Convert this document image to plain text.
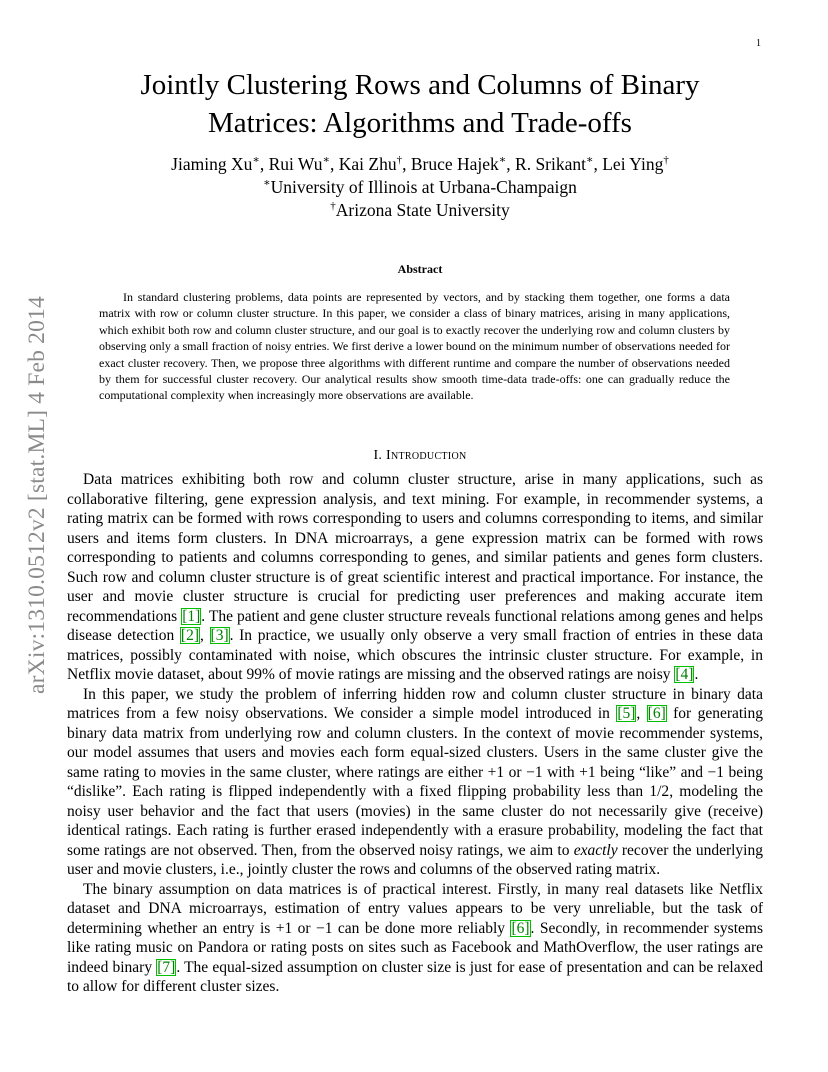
1
arXiv:1310.0512v2 [stat.ML] 4 Feb 2014
Jointly Clustering Rows and Columns of Binary
Matrices: Algorithms and Trade-offs
Jiaming Xu∗, Rui Wu∗, Kai Zhu†, Bruce Hajek∗, R. Srikant∗, Lei Ying†
∗University of Illinois at Urbana-Champaign
†Arizona State University
Abstract

In standard clustering problems, data points are represented by vectors, and by stacking them together, one forms a data matrix with row or column cluster structure. In this paper, we consider a class of binary matrices, arising in many applications, which exhibit both row and column cluster structure, and our goal is to exactly recover the underlying row and column clusters by observing only a small fraction of noisy entries. We first derive a lower bound on the minimum number of observations needed for exact cluster recovery. Then, we propose three algorithms with different runtime and compare the number of observations needed by them for successful cluster recovery. Our analytical results show smooth time-data trade-offs: one can gradually reduce the computational complexity when increasingly more observations are available.

I. Introduction

Data matrices exhibiting both row and column cluster structure, arise in many applications, such as collaborative filtering, gene expression analysis, and text mining. For example, in recommender systems, a rating matrix can be formed with rows corresponding to users and columns corresponding to items, and similar users and items form clusters. In DNA microarrays, a gene expression matrix can be formed with rows corresponding to patients and columns corresponding to genes, and similar patients and genes form clusters. Such row and column cluster structure is of great scientific interest and practical importance. For instance, the user and movie cluster structure is crucial for predicting user preferences and making accurate item recommendations [1]. The patient and gene cluster structure reveals functional relations among genes and helps disease detection [2], [3]. In practice, we usually only observe a very small fraction of entries in these data matrices, possibly contaminated with noise, which obscures the intrinsic cluster structure. For example, in Netflix movie dataset, about 99% of movie ratings are missing and the observed ratings are noisy [4].

In this paper, we study the problem of inferring hidden row and column cluster structure in binary data matrices from a few noisy observations. We consider a simple model introduced in [5], [6] for generating binary data matrix from underlying row and column clusters. In the context of movie recommender systems, our model assumes that users and movies each form equal-sized clusters. Users in the same cluster give the same rating to movies in the same cluster, where ratings are either +1 or −1 with +1 being “like” and −1 being “dislike”. Each rating is flipped independently with a fixed flipping probability less than 1/2, modeling the noisy user behavior and the fact that users (movies) in the same cluster do not necessarily give (receive) identical ratings. Each rating is further erased independently with a erasure probability, modeling the fact that some ratings are not observed. Then, from the observed noisy ratings, we aim to exactly recover the underlying user and movie clusters, i.e., jointly cluster the rows and columns of the observed rating matrix.

The binary assumption on data matrices is of practical interest. Firstly, in many real datasets like Netflix dataset and DNA microarrays, estimation of entry values appears to be very unreliable, but the task of determining whether an entry is +1 or −1 can be done more reliably [6]. Secondly, in recommender systems like rating music on Pandora or rating posts on sites such as Facebook and MathOverflow, the user ratings are indeed binary [7]. The equal-sized assumption on cluster size is just for ease of presentation and can be relaxed to allow for different cluster sizes.
